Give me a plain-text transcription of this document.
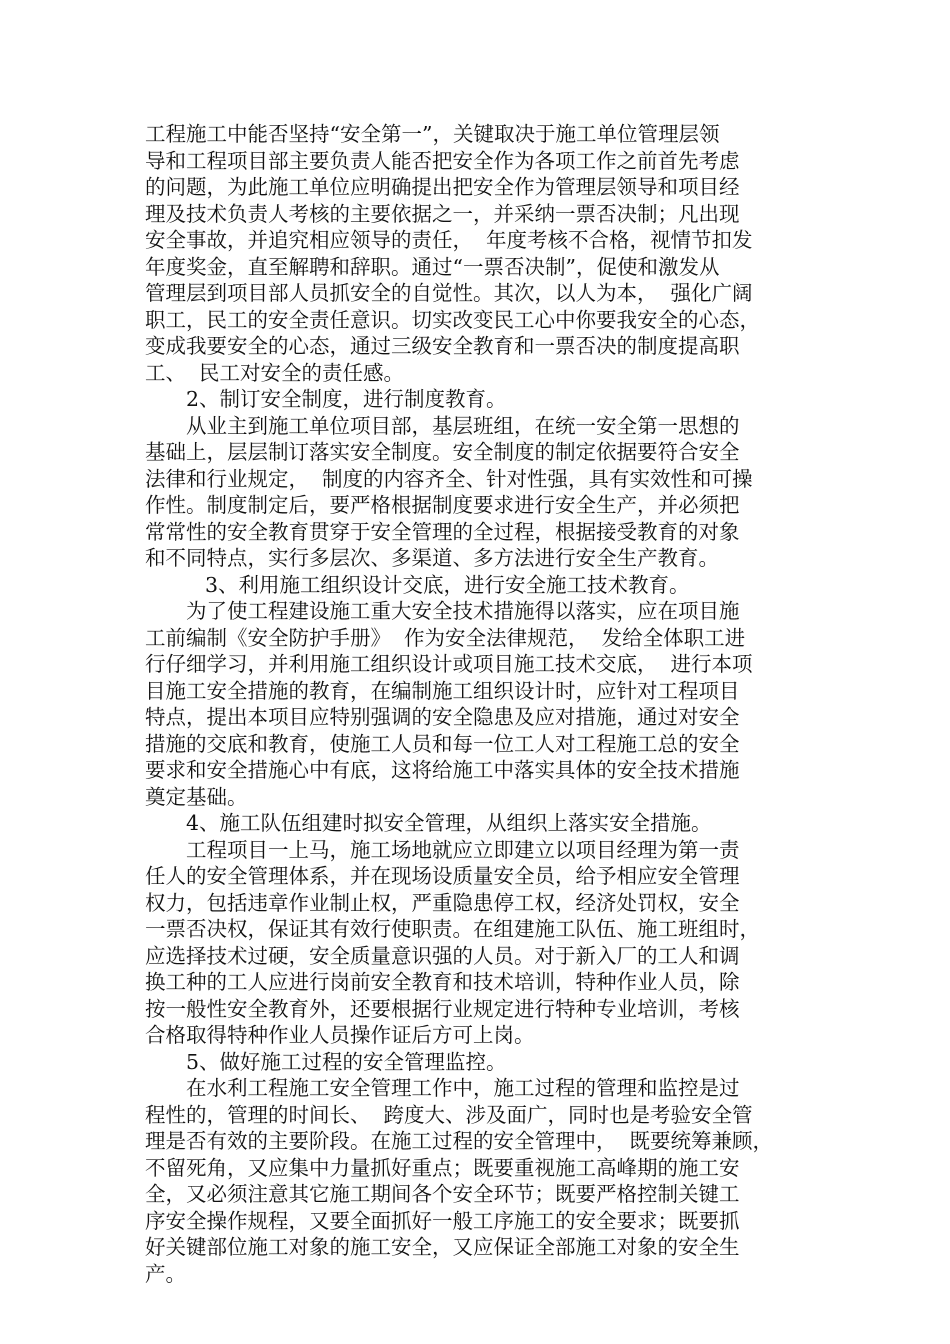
工程施工中能否坚持“安全第一”，关键取决于施工单位管理层领
导和工程项目部主要负责人能否把安全作为各项工作之前首先考虑
的问题，为此施工单位应明确提出把安全作为管理层领导和项目经
理及技术负责人考核的主要依据之一，并采纳一票否决制；凡出现
安全事故，并追究相应领导的责任，  年度考核不合格，视情节扣发
年度奖金，直至解聘和辞职。通过“一票否决制”，促使和激发从
管理层到项目部人员抓安全的自觉性。其次，以人为本，  强化广阔
职工，民工的安全责任意识。切实改变民工心中你要我安全的心态，
变成我要安全的心态，通过三级安全教育和一票否决的制度提高职
工、  民工对安全的责任感。
2、制订安全制度，进行制度教育。
从业主到施工单位项目部，基层班组，在统一安全第一思想的
基础上，层层制订落实安全制度。安全制度的制定依据要符合安全
法律和行业规定，  制度的内容齐全、针对性强，具有实效性和可操
作性。制度制定后，要严格根据制度要求进行安全生产，并必须把
常常性的安全教育贯穿于安全管理的全过程，根据接受教育的对象
和不同特点，实行多层次、多渠道、多方法进行安全生产教育。
3、利用施工组织设计交底，进行安全施工技术教育。
为了使工程建设施工重大安全技术措施得以落实，应在项目施
工前编制《安全防护手册》  作为安全法律规范，  发给全体职工进
行仔细学习，并利用施工组织设计或项目施工技术交底，  进行本项
目施工安全措施的教育，在编制施工组织设计时，应针对工程项目
特点，提出本项目应特别强调的安全隐患及应对措施，通过对安全
措施的交底和教育，使施工人员和每一位工人对工程施工总的安全
要求和安全措施心中有底，这将给施工中落实具体的安全技术措施
奠定基础。
4、施工队伍组建时拟安全管理，从组织上落实安全措施。
工程项目一上马，施工场地就应立即建立以项目经理为第一责
任人的安全管理体系，并在现场设质量安全员，给予相应安全管理
权力，包括违章作业制止权，严重隐患停工权，经济处罚权，安全
一票否决权，保证其有效行使职责。在组建施工队伍、施工班组时，
应选择技术过硬，安全质量意识强的人员。对于新入厂的工人和调
换工种的工人应进行岗前安全教育和技术培训，特种作业人员，除
按一般性安全教育外，还要根据行业规定进行特种专业培训，考核
合格取得特种作业人员操作证后方可上岗。
5、做好施工过程的安全管理监控。
在水利工程施工安全管理工作中，施工过程的管理和监控是过
程性的，管理的时间长、  跨度大、涉及面广，同时也是考验安全管
理是否有效的主要阶段。在施工过程的安全管理中，  既要统筹兼顾，
不留死角，又应集中力量抓好重点；既要重视施工高峰期的施工安
全，又必须注意其它施工期间各个安全环节；既要严格控制关键工
序安全操作规程，又要全面抓好一般工序施工的安全要求；既要抓
好关键部位施工对象的施工安全，又应保证全部施工对象的安全生
产。
